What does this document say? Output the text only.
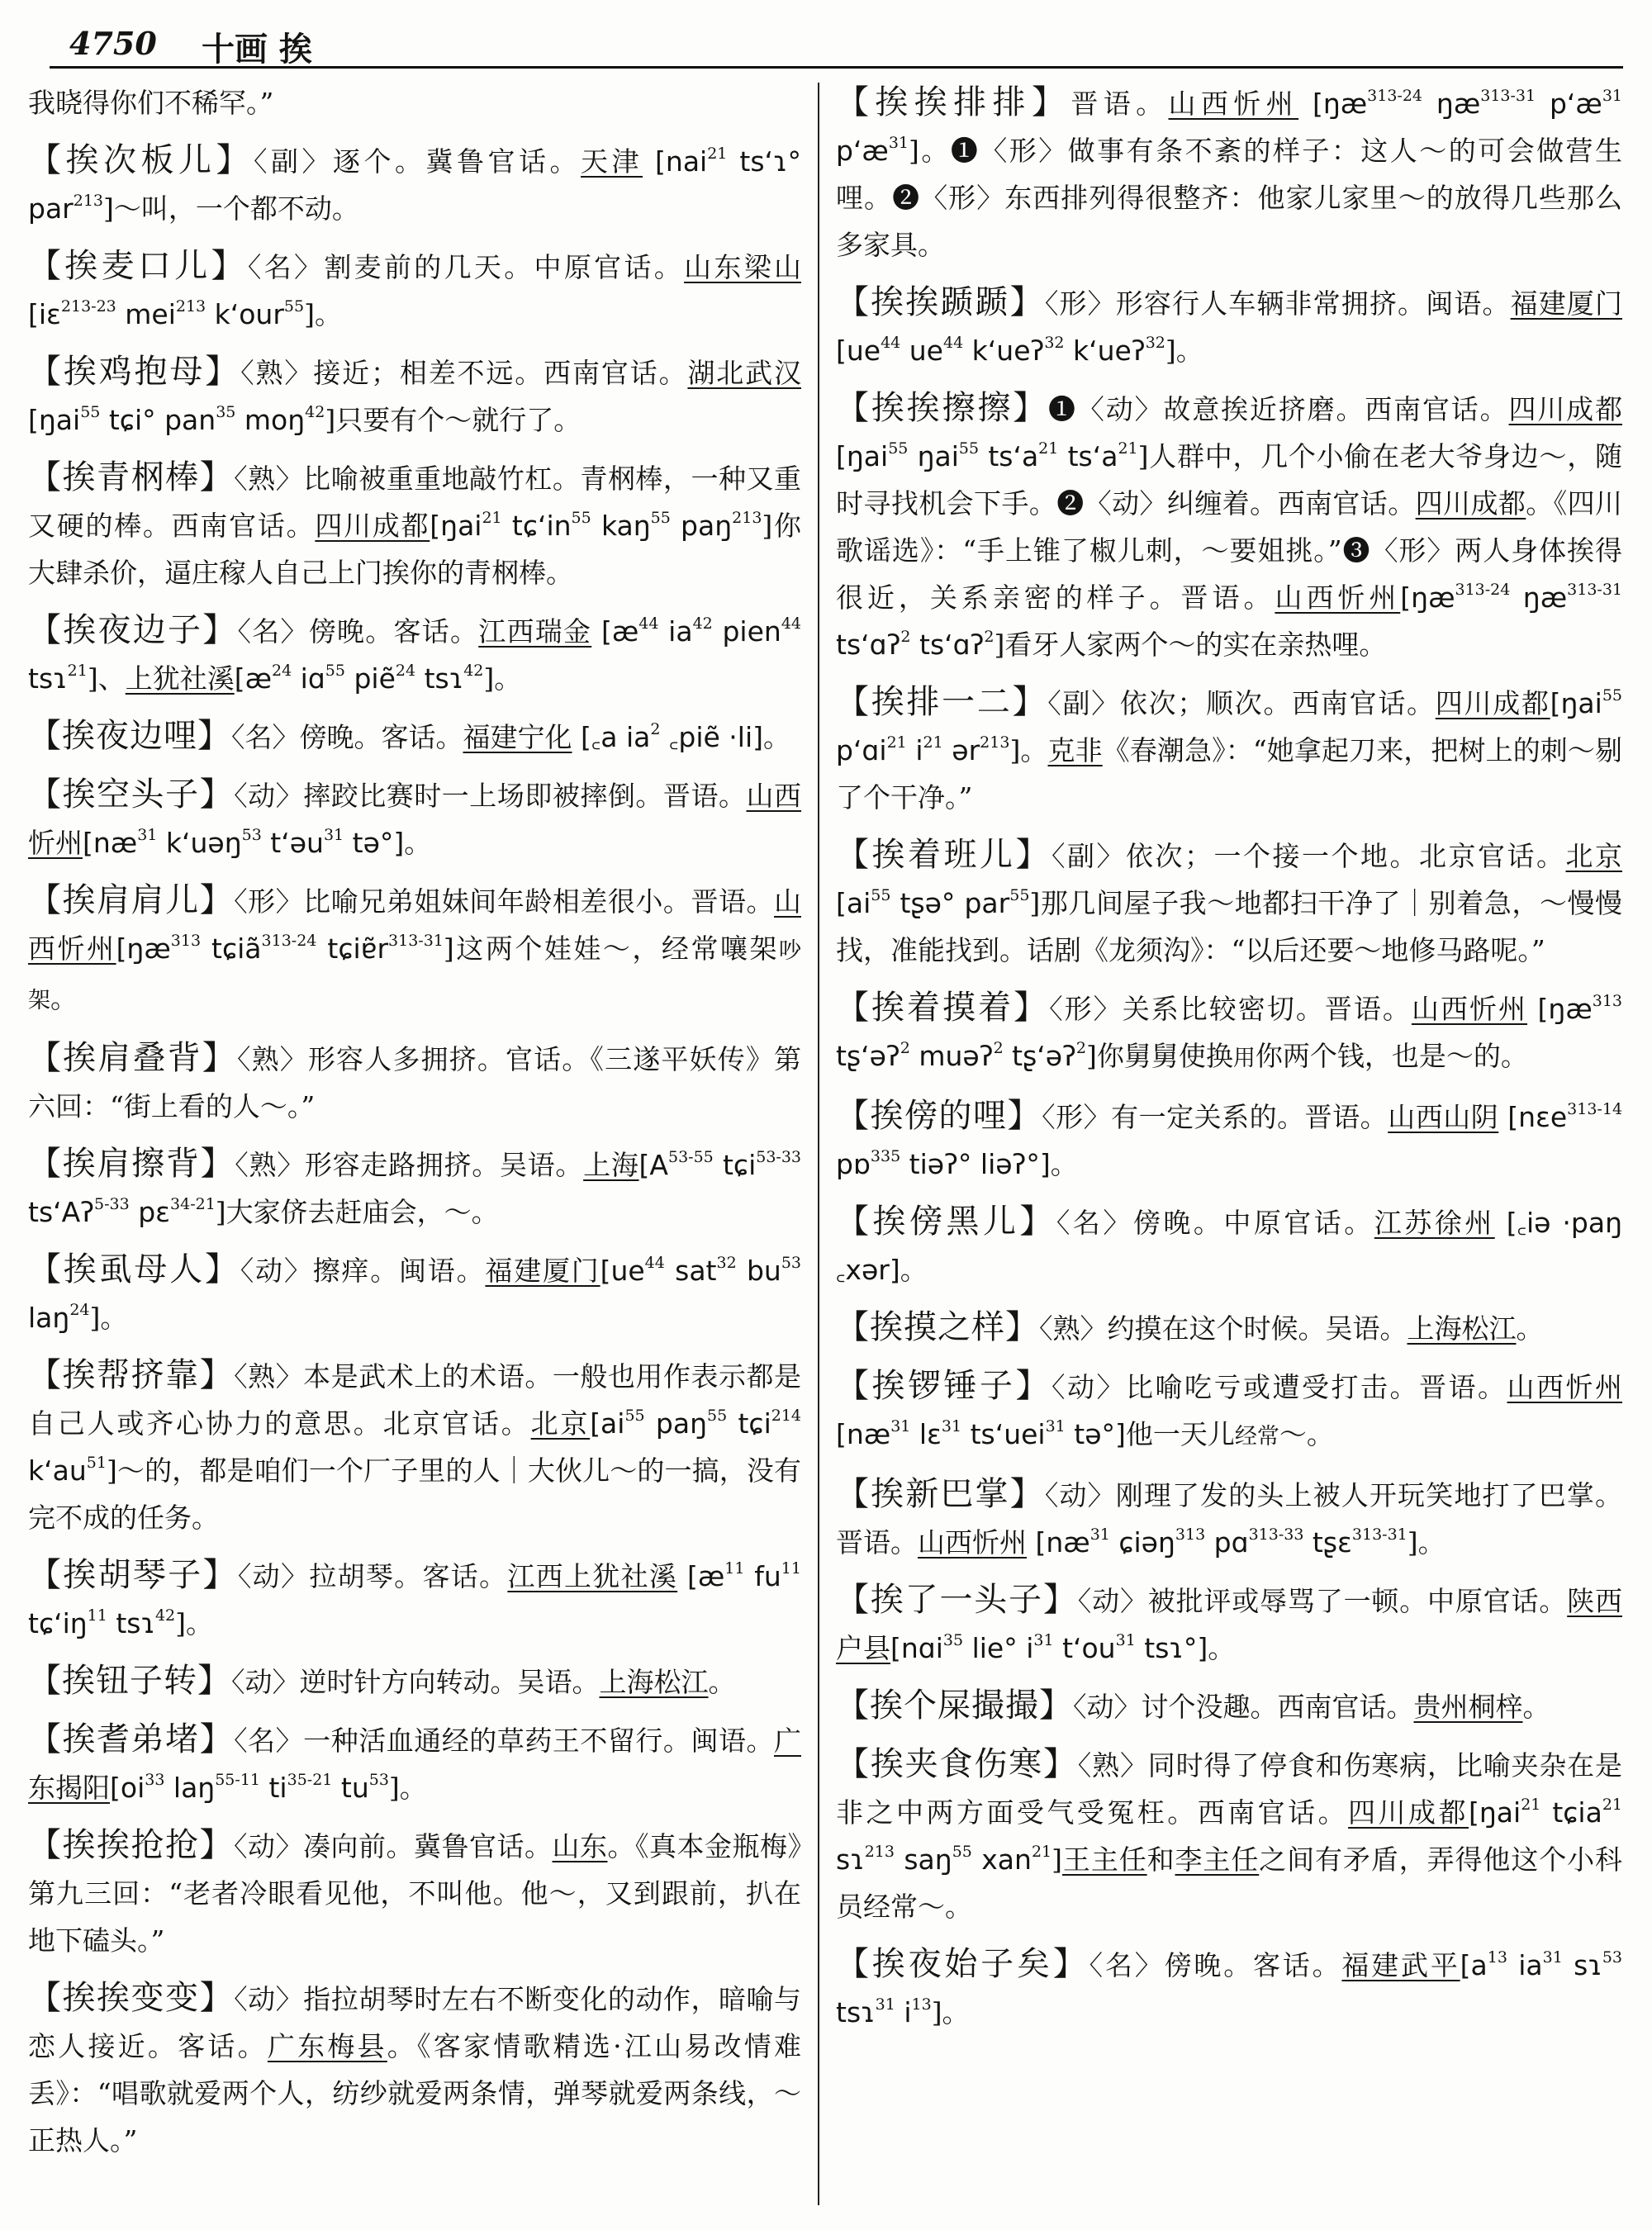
4750 十画 挨

我晓得你们不稀罕。”

【挨次板儿】〈副〉逐个。冀鲁官话。天津 [nai$^{21}$ ts‘ɿ° par$^{213}$]～叫，一个都不动。

【挨麦口儿】〈名〉割麦前的几天。中原官话。山东梁山[iɛ$^{213-23}$ mei$^{213}$ k‘our$^{55}$]。

【挨鸡抱母】〈熟〉接近；相差不远。西南官话。湖北武汉[ŋai$^{55}$ tɕi° pan$^{35}$ moŋ$^{42}$]只要有个～就行了。

【挨青㭎棒】〈熟〉比喻被重重地敲竹杠。青㭎棒，一种又重又硬的棒。西南官话。四川成都[ŋai$^{21}$ $tɕ‘in^{55}$ kaŋ$^{55}$ paŋ$^{213}$]你大肆杀价，逼庄稼人自己上门挨你的青㭎棒。

【挨夜边子】〈名〉傍晚。客话。江西瑞金 [$æ^{44}$ $ia^{42}$ pien$^{44}$ tsɿ$^{21}$]、上犹社溪[$æ^{24}$ iɑ$^{55}$ piẽ$^{24}$ tsɿ$^{42}$]。

【挨夜边哩】〈名〉傍晚。客话。福建宁化 [꜀a $ia^2$ ꜀piẽ ·li]。

【挨空头子】〈动〉摔跤比赛时一上场即被摔倒。晋语。山西忻州[$næ^{31}$ k‘uəŋ$^{53}$ t‘əu$^{31}$ tə°]。

【挨肩肩儿】〈形〉比喻兄弟姐妹间年龄相差很小。晋语。山西忻州[$ŋæ^{313}$ tɕiã$^{313-24}$ $tɕiɐ̃r^{313-31}$]这两个娃娃～，经常嚷架吵架。

【挨肩叠背】〈熟〉形容人多拥挤。官话。《三遂平妖传》第六回：“街上看的人～。”

【挨肩擦背】〈熟〉形容走路拥挤。吴语。上海[$A^{53-55}$ tɕi$^{53-33}$ ts‘Aʔ$^{5-33}$ pɛ$^{34-21}$]大家侪去赶庙会，～。

【挨虱母人】〈动〉擦痒。闽语。福建厦门[$ue^{44}$ sat$^{32}$ $bu^{53}$ laŋ$^{24}$]。

【挨帮挤靠】〈熟〉本是武术上的术语。一般也用作表示都是自己人或齐心协力的意思。北京官话。北京[$ai^{55}$ paŋ$^{55}$ tɕi$^{214}$ $k‘au^{51}]\sim$的，都是咱们一个厂子里的人｜大伙儿～的一搞，没有完不成的任务。

【挨胡琴子】〈动〉拉胡琴。客话。江西上犹社溪 [$æ^{11}$ $fu^{11}$ $tɕ‘iŋ^{11}$ tsɿ$^{42}$]。

【挨钮子转】〈动〉逆时针方向转动。吴语。上海松江。

【挨耆弟堵】〈名〉一种活血通经的草药王不留行。闽语。广东揭阳[$oi^{33}$ laŋ$^{55-11}$ $ti^{35-21}$ $tu^{53}$]。

【挨挨抢抢】〈动〉凑向前。冀鲁官话。山东。《真本金瓶梅》第九三回：“老者冷眼看见他，不叫他。他～，又到跟前，扒在地下磕头。”

【挨挨变变】〈动〉指拉胡琴时左右不断变化的动作，暗喻与恋人接近。客话。广东梅县。《客家情歌精选·江山易改情难丢》：“唱歌就爱两个人，纺纱就爱两条情，弹琴就爱两条线，～正热人。”

【挨挨排排】晋语。山西忻州 [$ŋæ^{313-24}$ $ŋæ^{313-31}$ $p‘æ^{31}$ $p‘æ^{31}$]。❶〈形〉做事有条不紊的样子：这人～的可会做营生哩。❷〈形〉东西排列得很整齐：他家儿家里～的放得几些那么多家具。

【挨挨踬踬】〈形〉形容行人车辆非常拥挤。闽语。福建厦门[$ue^{44}$ $ue^{44}$ k‘ueʔ$^{32}$ k‘ueʔ$^{32}$]。

【挨挨擦擦】❶〈动〉故意挨近挤磨。西南官话。四川成都[ŋai$^{55}$ ŋai$^{55}$ $ts‘a^{21}$ $ts‘a^{21}$]人群中，几个小偷在老大爷身边～，随时寻找机会下手。❷〈动〉纠缠着。西南官话。四川成都。《四川歌谣选》：“手上锥了椒儿刺，～要姐挑。”❸〈形〉两人身体挨得很近，关系亲密的样子。晋语。山西忻州[$ŋæ^{313-24}$ $ŋæ^{313-31}$ ts‘ɑʔ$^2$ ts‘ɑʔ$^2$]看牙人家两个～的实在亲热哩。

【挨排一二】〈副〉依次；顺次。西南官话。四川成都[ŋai$^{55}$ p‘ɑi$^{21}$ $i^{21}$ ər$^{213}$]。克非《春潮急》：“她拿起刀来，把树上的刺～剔了个干净。”

【挨着班儿】〈副〉依次；一个接一个地。北京官话。北京[$ai^{55}$ tʂə° par$^{55}$]那几间屋子我～地都扫干净了｜别着急，～慢慢找，准能找到。话剧《龙须沟》：“以后还要～地修马路呢。”

【挨着摸着】〈形〉关系比较密切。晋语。山西忻州 [$ŋæ^{313}$ tʂ‘əʔ$^2$ muəʔ$^2$ tʂ‘əʔ$^2$]你舅舅使换用你两个钱，也是～的。

【挨傍的哩】〈形〉有一定关系的。晋语。山西山阴 [nɛe$^{313-14}$ pɒ$^{335}$ tiəʔ° liəʔ°]。

【挨傍黑儿】〈名〉傍晚。中原官话。江苏徐州 [꜀iə ·paŋ ꜀xər]。

【挨摸之样】〈熟〉约摸在这个时候。吴语。上海松江。

【挨锣锤子】〈动〉比喻吃亏或遭受打击。晋语。山西忻州[$næ^{31}$ lɛ$^{31}$ ts‘uei$^{31}$ tə°]他一天儿经常～。

【挨新巴掌】〈动〉刚理了发的头上被人开玩笑地打了巴掌。晋语。山西忻州 [$næ^{31}$ ɕiəŋ$^{313}$ pɑ$^{313-33}$ tʂɛ$^{313-31}$]。

【挨了一头子】〈动〉被批评或辱骂了一顿。中原官话。陕西户县[nɑi$^{35}$ lie° $i^{31}$ $t‘ou^{31}$ tsɿ°]。

【挨个屎撮撮】〈动〉讨个没趣。西南官话。贵州桐梓。

【挨夹食伤寒】〈熟〉同时得了停食和伤寒病，比喻夹杂在是非之中两方面受气受冤枉。西南官话。四川成都[ŋai$^{21}$ tɕia$^{21}$ sɿ$^{213}$ saŋ$^{55}$ xan$^{21}$]王主任和李主任之间有矛盾，弄得他这个小科员经常～。

【挨夜始子矣】〈名〉傍晚。客话。福建武平[$a^{13}$ $ia^{31}$ sɿ$^{53}$ tsɿ$^{31}$ $i^{13}$]。
